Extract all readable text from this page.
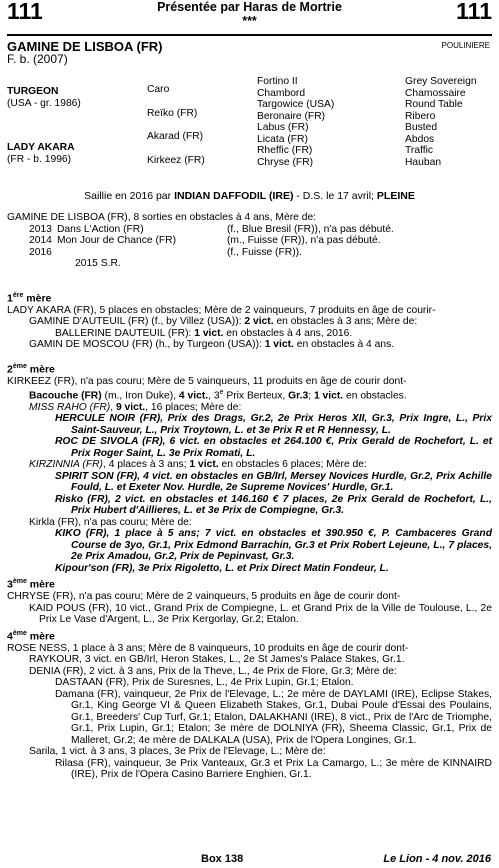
111	Présentée par Haras de Mortrie
***	111
GAMINE DE LISBOA (FR)	POULINIERE
F. b. (2007)
TURGEON
(USA - gr. 1986)
LADY AKARA
(FR - b. 1996)
Caro
Reïko (FR)
Akarad (FR)
Kirkeez (FR)
Fortino II
Chambord
Targowice (USA)
Beronaire (FR)
Labus (FR)
Licata (FR)
Rheffic (FR)
Chryse (FR)
Grey Sovereign
Chamossaire
Round Table
Ribero
Busted
Abdos
Traffic
Hauban
Saillie en 2016 par INDIAN DAFFODIL (IRE) - D.S. le 17 avril; PLEINE
GAMINE DE LISBOA (FR), 8 sorties en obstacles à 4 ans, Mère de:
2013 Dans L'Action (FR)	(f., Blue Bresil (FR)), n'a pas débuté.
2014 Mon Jour de Chance (FR)	(m., Fuisse (FR)), n'a pas débuté.
2016	(f., Fuisse (FR)).
2015 S.R.
1ère mère
LADY AKARA (FR), 5 places en obstacles; Mère de 2 vainqueurs, 7 produits en âge de courir-
GAMINE D'AUTEUIL (FR) (f., by Villez (USA)): 2 vict. en obstacles à 3 ans; Mère de:
BALLERINE DAUTEUIL (FR): 1 vict. en obstacles à 4 ans, 2016.
GAMIN DE MOSCOU (FR) (h., by Turgeon (USA)): 1 vict. en obstacles à 4 ans.
2ème mère
KIRKEEZ (FR), n'a pas couru; Mère de 5 vainqueurs, 11 produits en âge de courir dont-
Bacouche (FR) (m., Iron Duke), 4 vict., 3e Prix Berteux, Gr.3; 1 vict. en obstacles.
MISS RAHO (FR), 9 vict., 16 places; Mère de:
HERCULE NOIR (FR), Prix des Drags, Gr.2, 2e Prix Heros XII, Gr.3, Prix Ingre, L., Prix Saint-Sauveur, L., Prix Troytown, L. et 3e Prix R et R Hennessy, L.
ROC DE SIVOLA (FR), 6 vict. en obstacles et 264.100 €, Prix Gerald de Rochefort, L. et Prix Roger Saint, L. 3e Prix Romati, L.
KIRZINNIA (FR), 4 places à 3 ans; 1 vict. en obstacles 6 places; Mère de:
SPIRIT SON (FR), 4 vict. en obstacles en GB/Irl, Mersey Novices Hurdle, Gr.2, Prix Achille Fould, L. et Exeter Nov. Hurdle, 2e Supreme Novices' Hurdle, Gr.1.
Risko (FR), 2 vict. en obstacles et 146.160 € 7 places, 2e Prix Gerald de Rochefort, L., Prix Hubert d'Aillieres, L. et 3e Prix de Compiegne, Gr.3.
Kirkla (FR), n'a pas couru; Mère de:
KIKO (FR), 1 place à 5 ans; 7 vict. en obstacles et 390.950 €, P. Cambaceres Grand Course de 3yo, Gr.1, Prix Edmond Barrachin, Gr.3 et Prix Robert Lejeune, L., 7 places, 2e Prix Amadou, Gr.2, Prix de Pepinvast, Gr.3.
Kipour'son (FR), 3e Prix Rigoletto, L. et Prix Direct Matin Fondeur, L.
3ème mère
CHRYSE (FR), n'a pas couru; Mère de 2 vainqueurs, 5 produits en âge de courir dont-
KAID POUS (FR), 10 vict., Grand Prix de Compiegne, L. et Grand Prix de la Ville de Toulouse, L., 2e Prix Le Vase d'Argent, L., 3e Prix Kergorlay, Gr.2; Etalon.
4ème mère
ROSE NESS, 1 place à 3 ans; Mère de 8 vainqueurs, 10 produits en âge de courir dont-
RAYKOUR, 3 vict. en GB/Irl, Heron Stakes, L., 2e St James's Palace Stakes, Gr.1.
DENIA (FR), 2 vict. à 3 ans, Prix de la Theve, L., 4e Prix de Flore, Gr.3; Mère de:
DASTAAN (FR), Prix de Suresnes, L., 4e Prix Lupin, Gr.1; Etalon.
Damana (FR), vainqueur, 2e Prix de l'Elevage, L.; 2e mère de DAYLAMI (IRE), Eclipse Stakes, Gr.1, King George VI & Queen Elizabeth Stakes, Gr.1, Dubai Poule d'Essai des Poulains, Gr.1, Breeders' Cup Turf, Gr.1; Etalon, DALAKHANI (IRE), 8 vict., Prix de l'Arc de Triomphe, Gr.1, Prix Lupin, Gr.1; Etalon; 3e mère de DOLNIYA (FR), Sheema Classic, Gr.1, Prix de Malleret, Gr.2; 4e mère de DALKALA (USA), Prix de l'Opera Longines, Gr.1.
Sarila, 1 vict. à 3 ans, 3 places, 3e Prix de l'Elevage, L.; Mère de:
Rilasa (FR), vainqueur, 3e Prix Vanteaux, Gr.3 et Prix La Camargo, L.; 3e mère de KINNAIRD (IRE), Prix de l'Opera Casino Barriere Enghien, Gr.1.
Box 138	Le Lion - 4 nov. 2016
